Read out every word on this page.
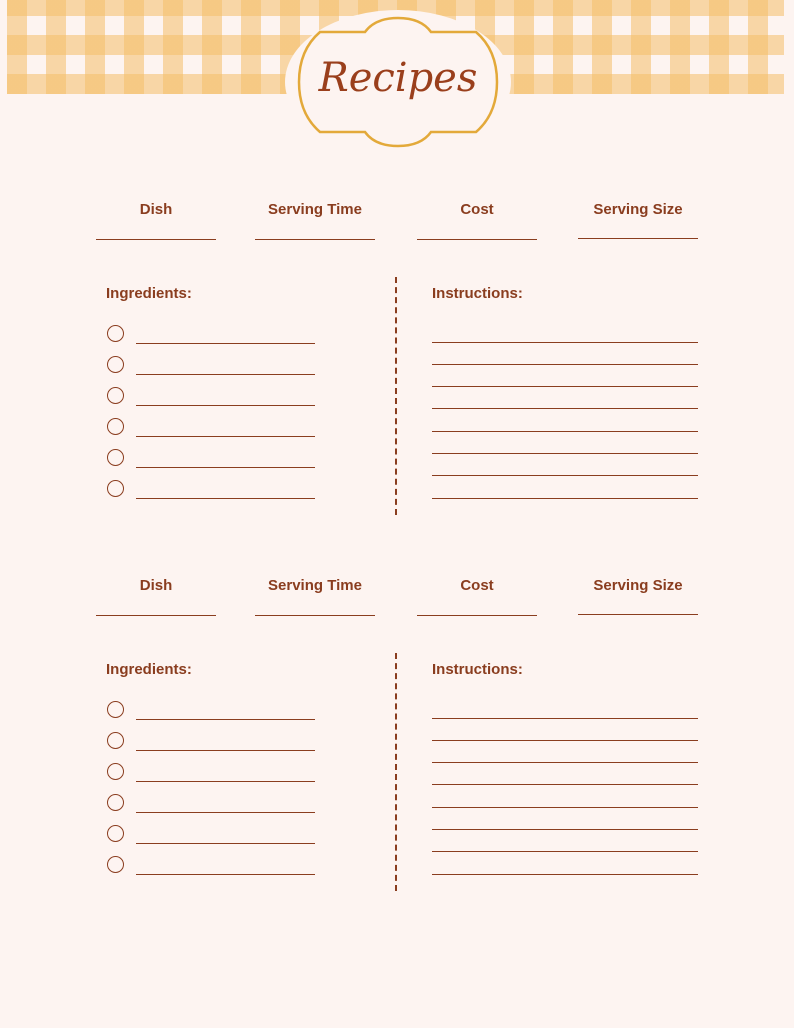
Recipes
Dish	Serving Time	Cost	Serving Size
Ingredients:	Instructions:
Dish	Serving Time	Cost	Serving Size
Ingredients:	Instructions:
